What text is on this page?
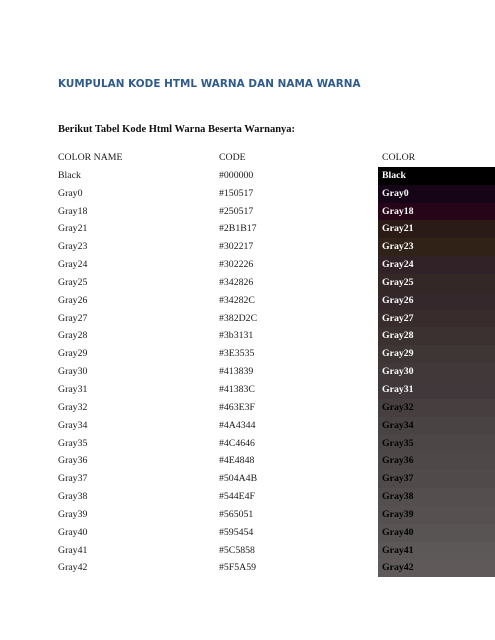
KUMPULAN KODE HTML WARNA DAN NAMA WARNA
Berikut Tabel Kode Html Warna Beserta Warnanya:
COLOR NAME	CODE	COLOR
Black	#000000	Black
Gray0	#150517	Gray0
Gray18	#250517	Gray18
Gray21	#2B1B17	Gray21
Gray23	#302217	Gray23
Gray24	#302226	Gray24
Gray25	#342826	Gray25
Gray26	#34282C	Gray26
Gray27	#382D2C	Gray27
Gray28	#3b3131	Gray28
Gray29	#3E3535	Gray29
Gray30	#413839	Gray30
Gray31	#41383C	Gray31
Gray32	#463E3F	Gray32
Gray34	#4A4344	Gray34
Gray35	#4C4646	Gray35
Gray36	#4E4848	Gray36
Gray37	#504A4B	Gray37
Gray38	#544E4F	Gray38
Gray39	#565051	Gray39
Gray40	#595454	Gray40
Gray41	#5C5858	Gray41
Gray42	#5F5A59	Gray42
